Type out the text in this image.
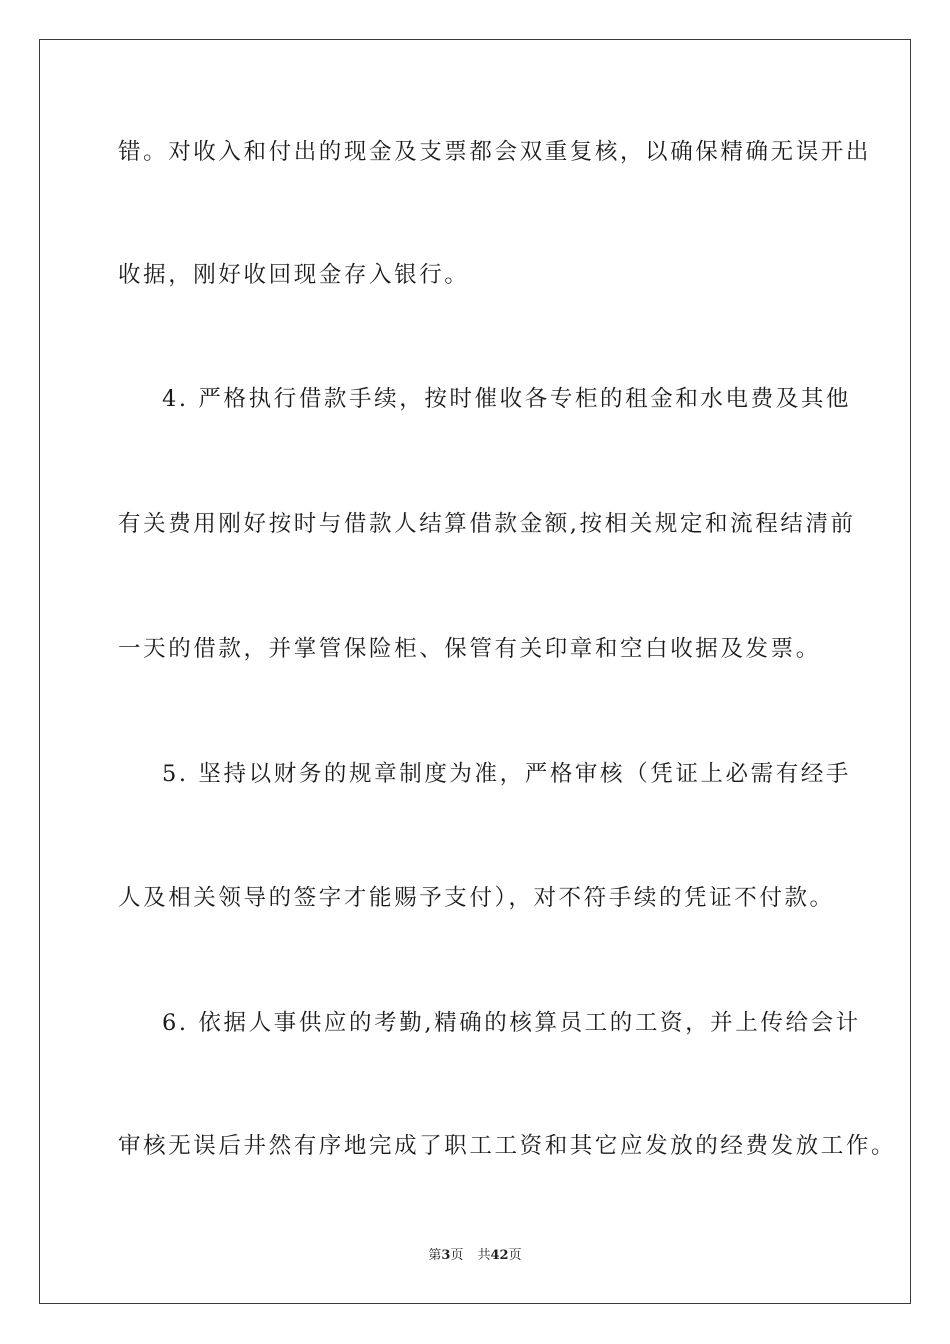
错。对收入和付出的现金及支票都会双重复核，以确保精确无误开出
收据，刚好收回现金存入银行。
4. 严格执行借款手续，按时催收各专柜的租金和水电费及其他
有关费用刚好按时与借款人结算借款金额,按相关规定和流程结清前
一天的借款，并掌管保险柜、保管有关印章和空白收据及发票。
5. 坚持以财务的规章制度为准，严格审核（凭证上必需有经手
人及相关领导的签字才能赐予支付），对不符手续的凭证不付款。
6. 依据人事供应的考勤,精确的核算员工的工资，并上传给会计
审核无误后井然有序地完成了职工工资和其它应发放的经费发放工作。
第3页 共42页
